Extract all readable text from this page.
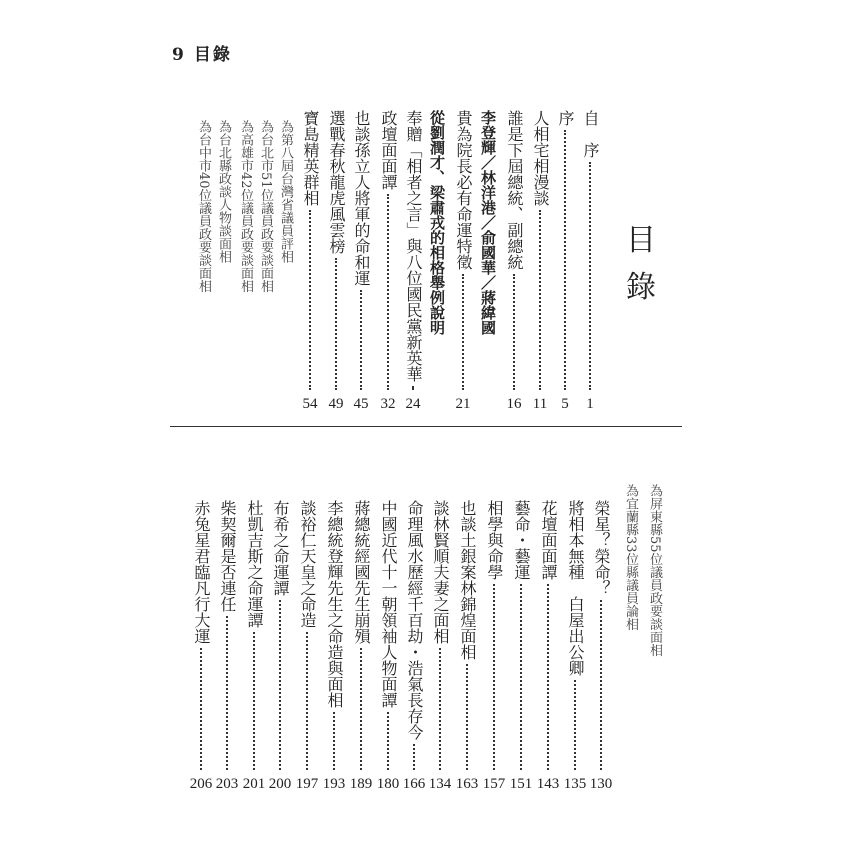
9 目錄
目
錄
1
自　序
5
序
11
人相宅相漫談
16
誰是下屆總統、副總統
李登輝／林洋港／俞國華／蔣緯國
21
貴為院長必有命運特徵
從劉潤才、梁肅戎的相格舉例說明
24
奉贈「相者之言」與八位國民黨新英華
32
政壇面面譚
45
也談孫立人將軍的命和運
49
選戰春秋龍虎風雲榜
54
寶島精英群相
為第八屆台灣省議員評相
為台北市51位議員政要談面相
為高雄市42位議員政要談面相
為台北縣政談人物談面相
為台中市40位議員政要談面相
為屏東縣55位議員政要談面相
為宜蘭縣33位縣議員論相
130
榮星？榮命？
135
將相本無種　白屋出公卿
143
花壇面面譚
151
藝命・藝運
157
相學與命學
163
也談土銀案林錦煌面相
134
談林賢順夫妻之面相
166
命理風水歷經千百劫・浩氣長存今
180
中國近代十一朝領袖人物面譚
189
蔣總統經國先生崩殞
193
李總統登輝先生之命造與面相
197
談裕仁天皇之命造
200
布希之命運譚
201
杜凱吉斯之命運譚
203
柴契爾是否連任
206
赤兔星君臨凡行大運
